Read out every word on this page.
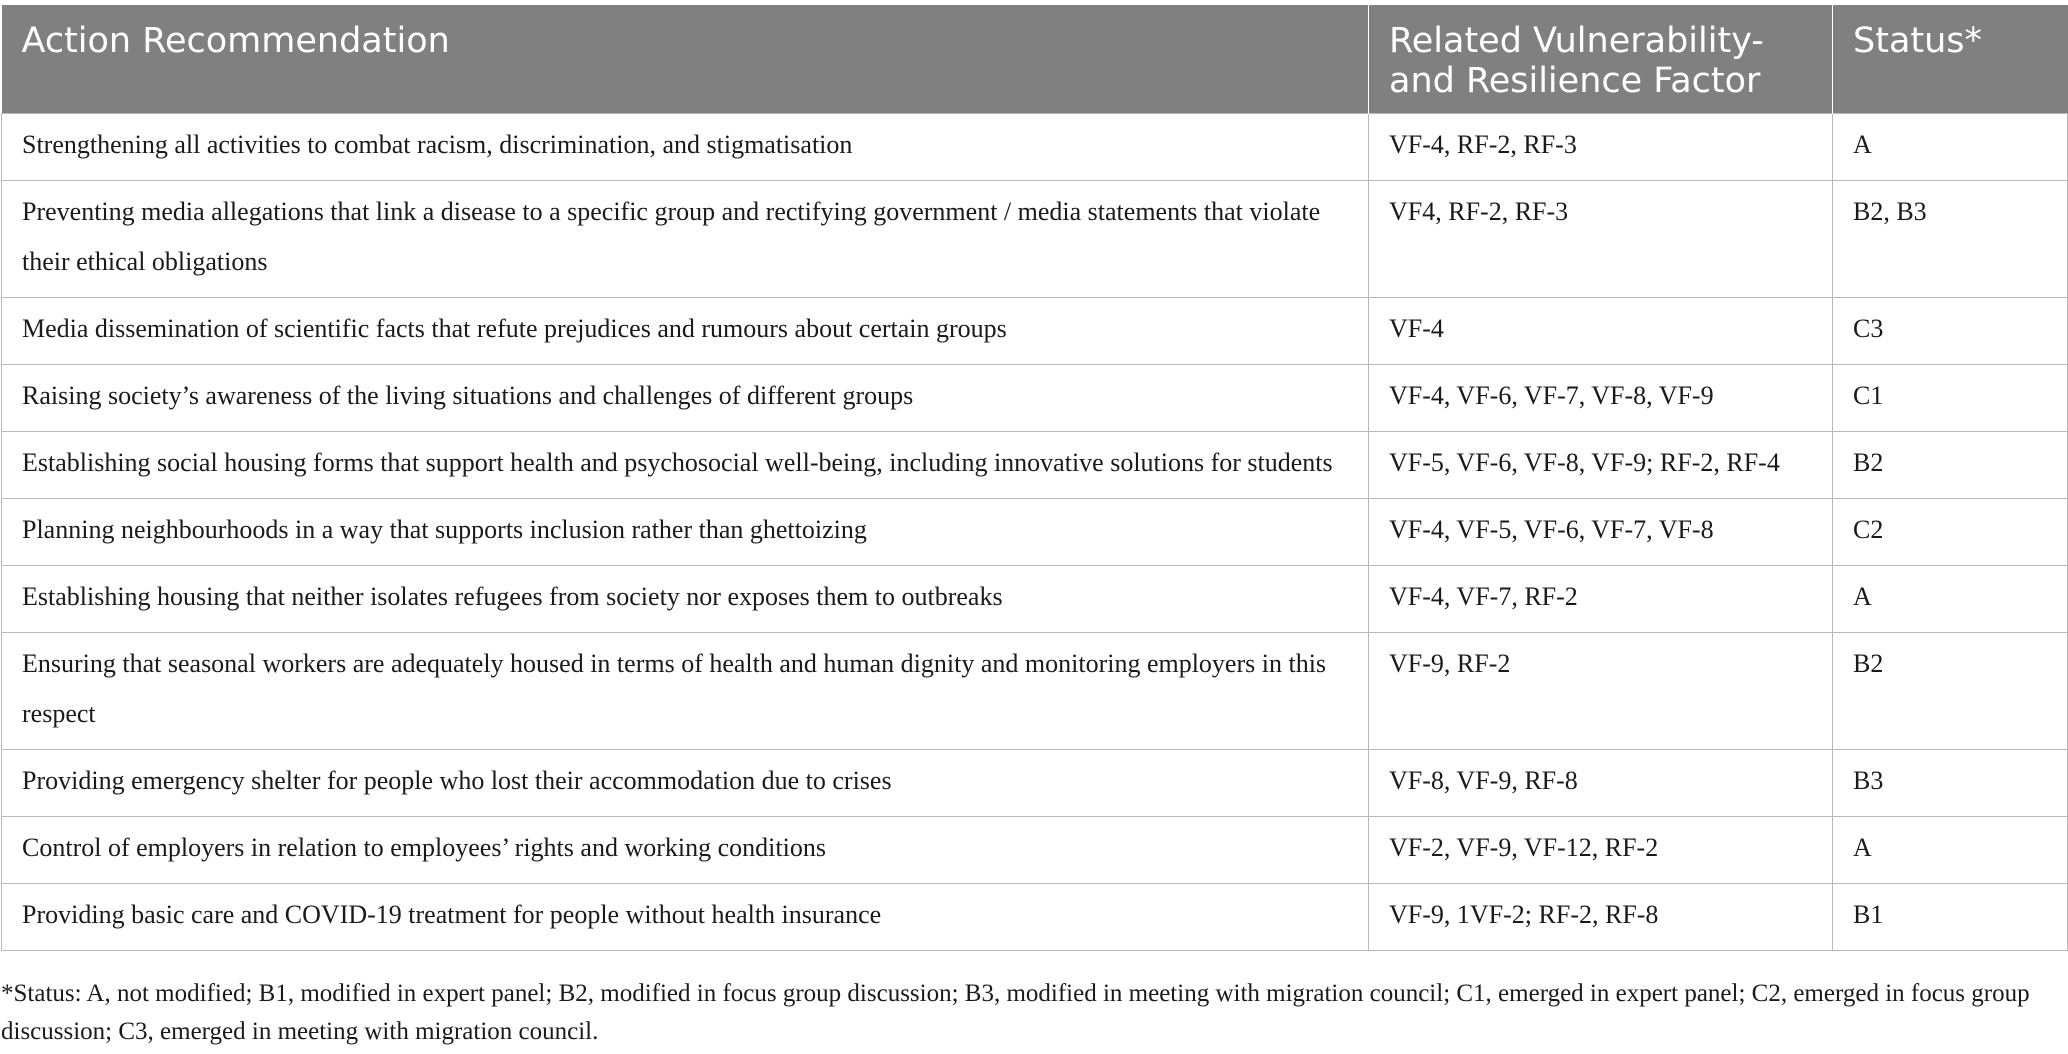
Action Recommendation	Related Vulnerability- and Resilience Factor	Status*
Strengthening all activities to combat racism, discrimination, and stigmatisation	VF-4, RF-2, RF-3	A
Preventing media allegations that link a disease to a specific group and rectifying government / media statements that violate their ethical obligations	VF4, RF-2, RF-3	B2, B3
Media dissemination of scientific facts that refute prejudices and rumours about certain groups	VF-4	C3
Raising society’s awareness of the living situations and challenges of different groups	VF-4, VF-6, VF-7, VF-8, VF-9	C1
Establishing social housing forms that support health and psychosocial well-being, including innovative solutions for students	VF-5, VF-6, VF-8, VF-9; RF-2, RF-4	B2
Planning neighbourhoods in a way that supports inclusion rather than ghettoizing	VF-4, VF-5, VF-6, VF-7, VF-8	C2
Establishing housing that neither isolates refugees from society nor exposes them to outbreaks	VF-4, VF-7, RF-2	A
Ensuring that seasonal workers are adequately housed in terms of health and human dignity and monitoring employers in this respect	VF-9, RF-2	B2
Providing emergency shelter for people who lost their accommodation due to crises	VF-8, VF-9, RF-8	B3
Control of employers in relation to employees’ rights and working conditions	VF-2, VF-9, VF-12, RF-2	A
Providing basic care and COVID-19 treatment for people without health insurance	VF-9, 1VF-2; RF-2, RF-8	B1
*Status: A, not modified; B1, modified in expert panel; B2, modified in focus group discussion; B3, modified in meeting with migration council; C1, emerged in expert panel; C2, emerged in focus group discussion; C3, emerged in meeting with migration council.
